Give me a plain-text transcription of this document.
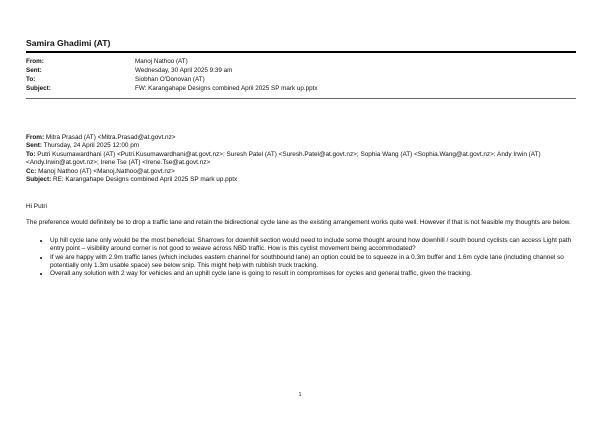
Samira Ghadimi (AT)
From:	Manoj Nathoo (AT)
Sent:	Wednesday, 30 April 2025 9:39 am
To:	Siobhan O'Donovan (AT)
Subject:	FW: Karangahape Designs combined April 2025 SP mark up.pptx
From: Mitra Prasad (AT) <Mitra.Prasad@at.govt.nz>
Sent: Thursday, 24 April 2025 12:00 pm
To: Putri Kusumawardhani (AT) <Putri.Kusumawardhani@at.govt.nz>; Suresh Patel (AT) <Suresh.Patel@at.govt.nz>; Sophia Wang (AT) <Sophia.Wang@at.govt.nz>; Andy Irwin (AT) <Andy.Irwin@at.govt.nz>; Irene Tse (AT) <Irene.Tse@at.govt.nz>
Cc: Manoj Nathoo (AT) <Manoj.Nathoo@at.govt.nz>
Subject: RE: Karangahape Designs combined April 2025 SP mark up.pptx

Hi Putri

The preference would definitely be to drop a traffic lane and retain the bidirectional cycle lane as the existing arrangement works quite well. However if that is not feasible my thoughts are below.

• Up hill cycle lane only would be the most beneficial. Sharrows for downhill section would need to include some thought around how downhill / south bound cyclists can access Light path entry point – visibility around corner is not good to weave across NBD traffic. How is this cyclist movement being accommodated?
• If we are happy with 2.9m traffic lanes (which includes eastern channel for southbound lane) an option could be to squeeze in a 0.3m buffer and 1.6m cycle lane (including channel so potentially only 1.3m usable space) see below snip. This might help with rubbish truck tracking.
• Overall any solution with 2 way for vehicles and an uphill cycle lane is going to result in compromises for cycles and general traffic, given the tracking.
1
